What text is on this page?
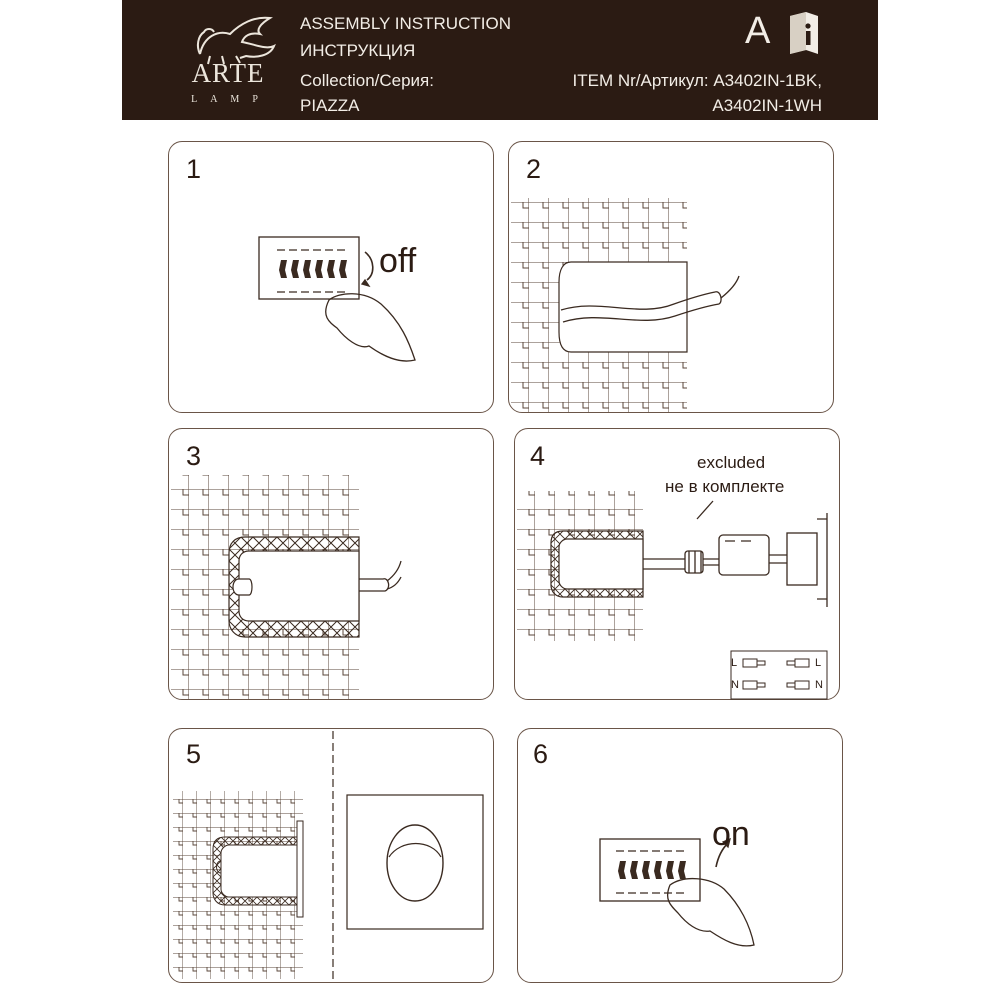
ARTE
LAMP
ASSEMBLY INSTRUCTION
ИНСТРУКЦИЯ
Collection/Серия:
PIAZZA
A
ITEM Nr/Артикул: A3402IN-1BK,
A3402IN-1WH
1
off
2
3	4	excluded
не в комплекте
L	L
N	N
5	6
on
